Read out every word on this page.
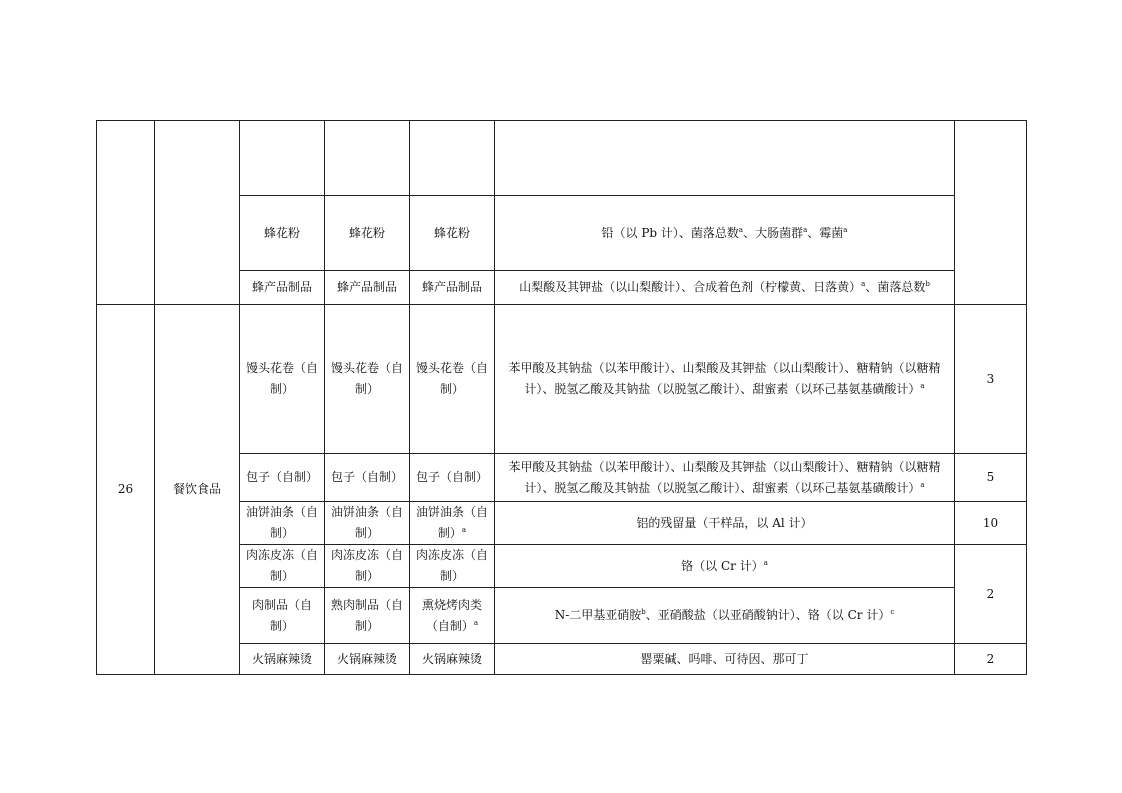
		蜂花粉	蜂花粉	蜂花粉	铅（以 Pb 计）、菌落总数$^a$、大肠菌群$^a$、霉菌$^a$
		蜂产品制品	蜂产品制品	蜂产品制品	山梨酸及其钾盐（以山梨酸计）、合成着色剂（柠檬黄、日落黄）$^a$、菌落总数$^b$
26	餐饮食品	馒头花卷（自制）	馒头花卷（自制）	馒头花卷（自制）	苯甲酸及其钠盐（以苯甲酸计）、山梨酸及其钾盐（以山梨酸计）、糖精钠（以糖精计）、脱氢乙酸及其钠盐（以脱氢乙酸计）、甜蜜素（以环己基氨基磺酸计）$^a$	3
		包子（自制）	包子（自制）	包子（自制）	苯甲酸及其钠盐（以苯甲酸计）、山梨酸及其钾盐（以山梨酸计）、糖精钠（以糖精计）、脱氢乙酸及其钠盐（以脱氢乙酸计）、甜蜜素（以环己基氨基磺酸计）$^a$	5
		油饼油条（自制）	油饼油条（自制）	油饼油条（自制）$^a$	铝的残留量（干样品，以 Al 计）	10
		肉冻皮冻（自制）	肉冻皮冻（自制）	肉冻皮冻（自制）	铬（以 Cr 计）$^a$	2
		肉制品（自制）	熟肉制品（自制）	熏烧烤肉类（自制）$^a$	N-二甲基亚硝胺$^b$、亚硝酸盐（以亚硝酸钠计）、铬（以 Cr 计）$^c$
		火锅麻辣烫	火锅麻辣烫	火锅麻辣烫	罂粟碱、吗啡、可待因、那可丁	2
